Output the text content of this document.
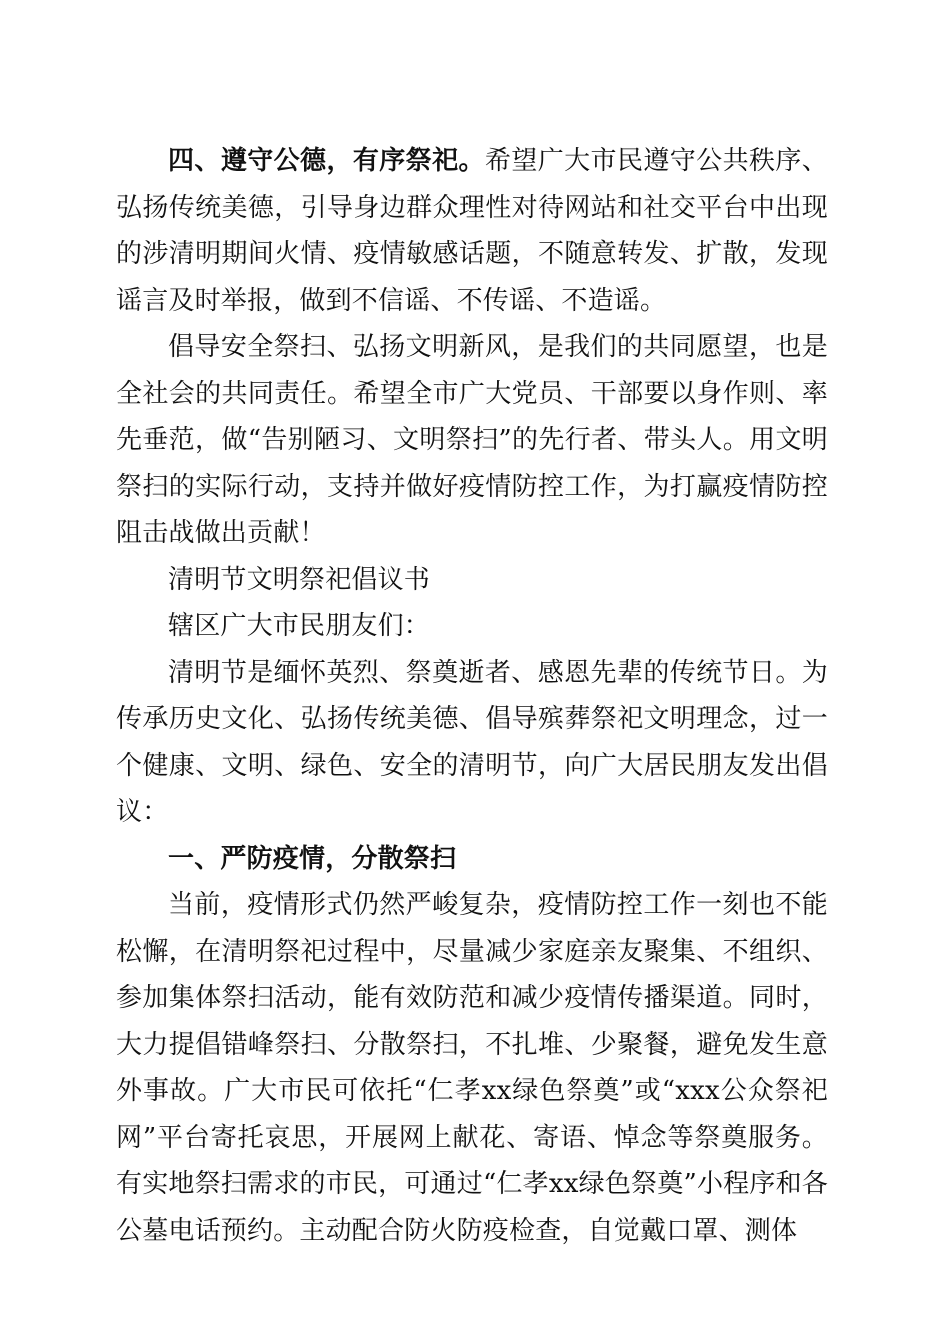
四、遵守公德，有序祭祀。希望广大市民遵守公共秩序、弘扬传统美德，引导身边群众理性对待网站和社交平台中出现的涉清明期间火情、疫情敏感话题，不随意转发、扩散，发现谣言及时举报，做到不信谣、不传谣、不造谣。

倡导安全祭扫、弘扬文明新风，是我们的共同愿望，也是全社会的共同责任。希望全市广大党员、干部要以身作则、率先垂范，做“告别陋习、文明祭扫”的先行者、带头人。用文明祭扫的实际行动，支持并做好疫情防控工作，为打赢疫情防控阻击战做出贡献！

清明节文明祭祀倡议书

辖区广大市民朋友们：

清明节是缅怀英烈、祭奠逝者、感恩先辈的传统节日。为传承历史文化、弘扬传统美德、倡导殡葬祭祀文明理念，过一个健康、文明、绿色、安全的清明节，向广大居民朋友发出倡议：

一、严防疫情，分散祭扫

当前，疫情形式仍然严峻复杂，疫情防控工作一刻也不能松懈，在清明祭祀过程中，尽量减少家庭亲友聚集、不组织、参加集体祭扫活动，能有效防范和减少疫情传播渠道。同时，大力提倡错峰祭扫、分散祭扫，不扎堆、少聚餐，避免发生意外事故。广大市民可依托“仁孝xx绿色祭奠”或“xxx公众祭祀网”平台寄托哀思，开展网上献花、寄语、悼念等祭奠服务。有实地祭扫需求的市民，可通过“仁孝xx绿色祭奠”小程序和各公墓电话预约。主动配合防火防疫检查，自觉戴口罩、测体
